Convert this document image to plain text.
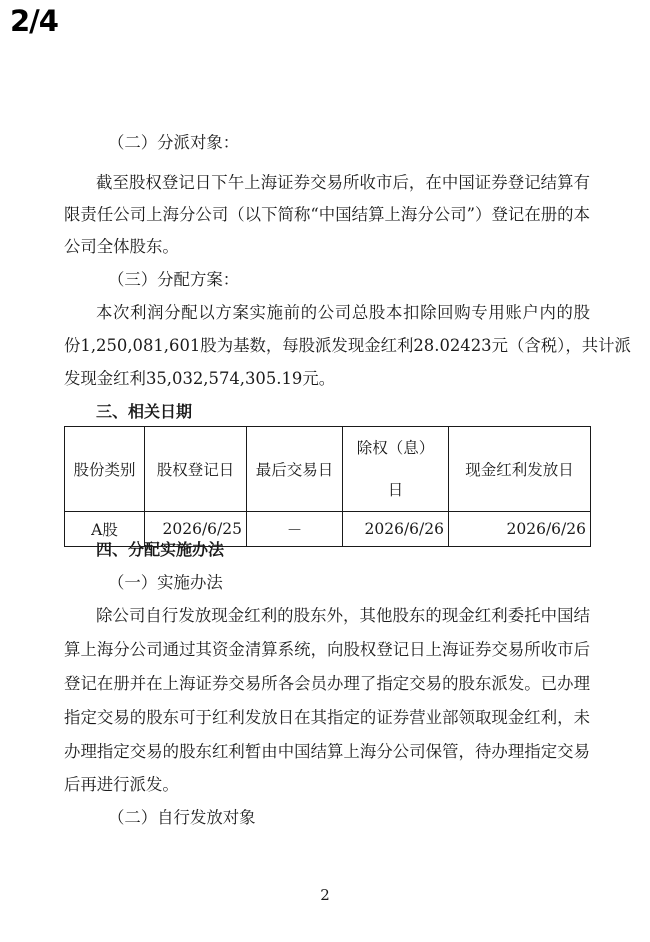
2/4
（二）分派对象：
截至股权登记日下午上海证券交易所收市后，在中国证券登记结算有
限责任公司上海分公司（以下简称“中国结算上海分公司”）登记在册的本
公司全体股东。
（三）分配方案：
本次利润分配以方案实施前的公司总股本扣除回购专用账户内的股
份1,250,081,601股为基数，每股派发现金红利28.02423元（含税），共计派
发现金红利35,032,574,305.19元。
三、相关日期
股份类别	股权登记日	最后交易日	除权（息）
日	现金红利发放日
A股	2026/6/25	－	2026/6/26	2026/6/26
四、分配实施办法
（一）实施办法
除公司自行发放现金红利的股东外，其他股东的现金红利委托中国结
算上海分公司通过其资金清算系统，向股权登记日上海证券交易所收市后
登记在册并在上海证券交易所各会员办理了指定交易的股东派发。已办理
指定交易的股东可于红利发放日在其指定的证券营业部领取现金红利，未
办理指定交易的股东红利暂由中国结算上海分公司保管，待办理指定交易
后再进行派发。
（二）自行发放对象
2
